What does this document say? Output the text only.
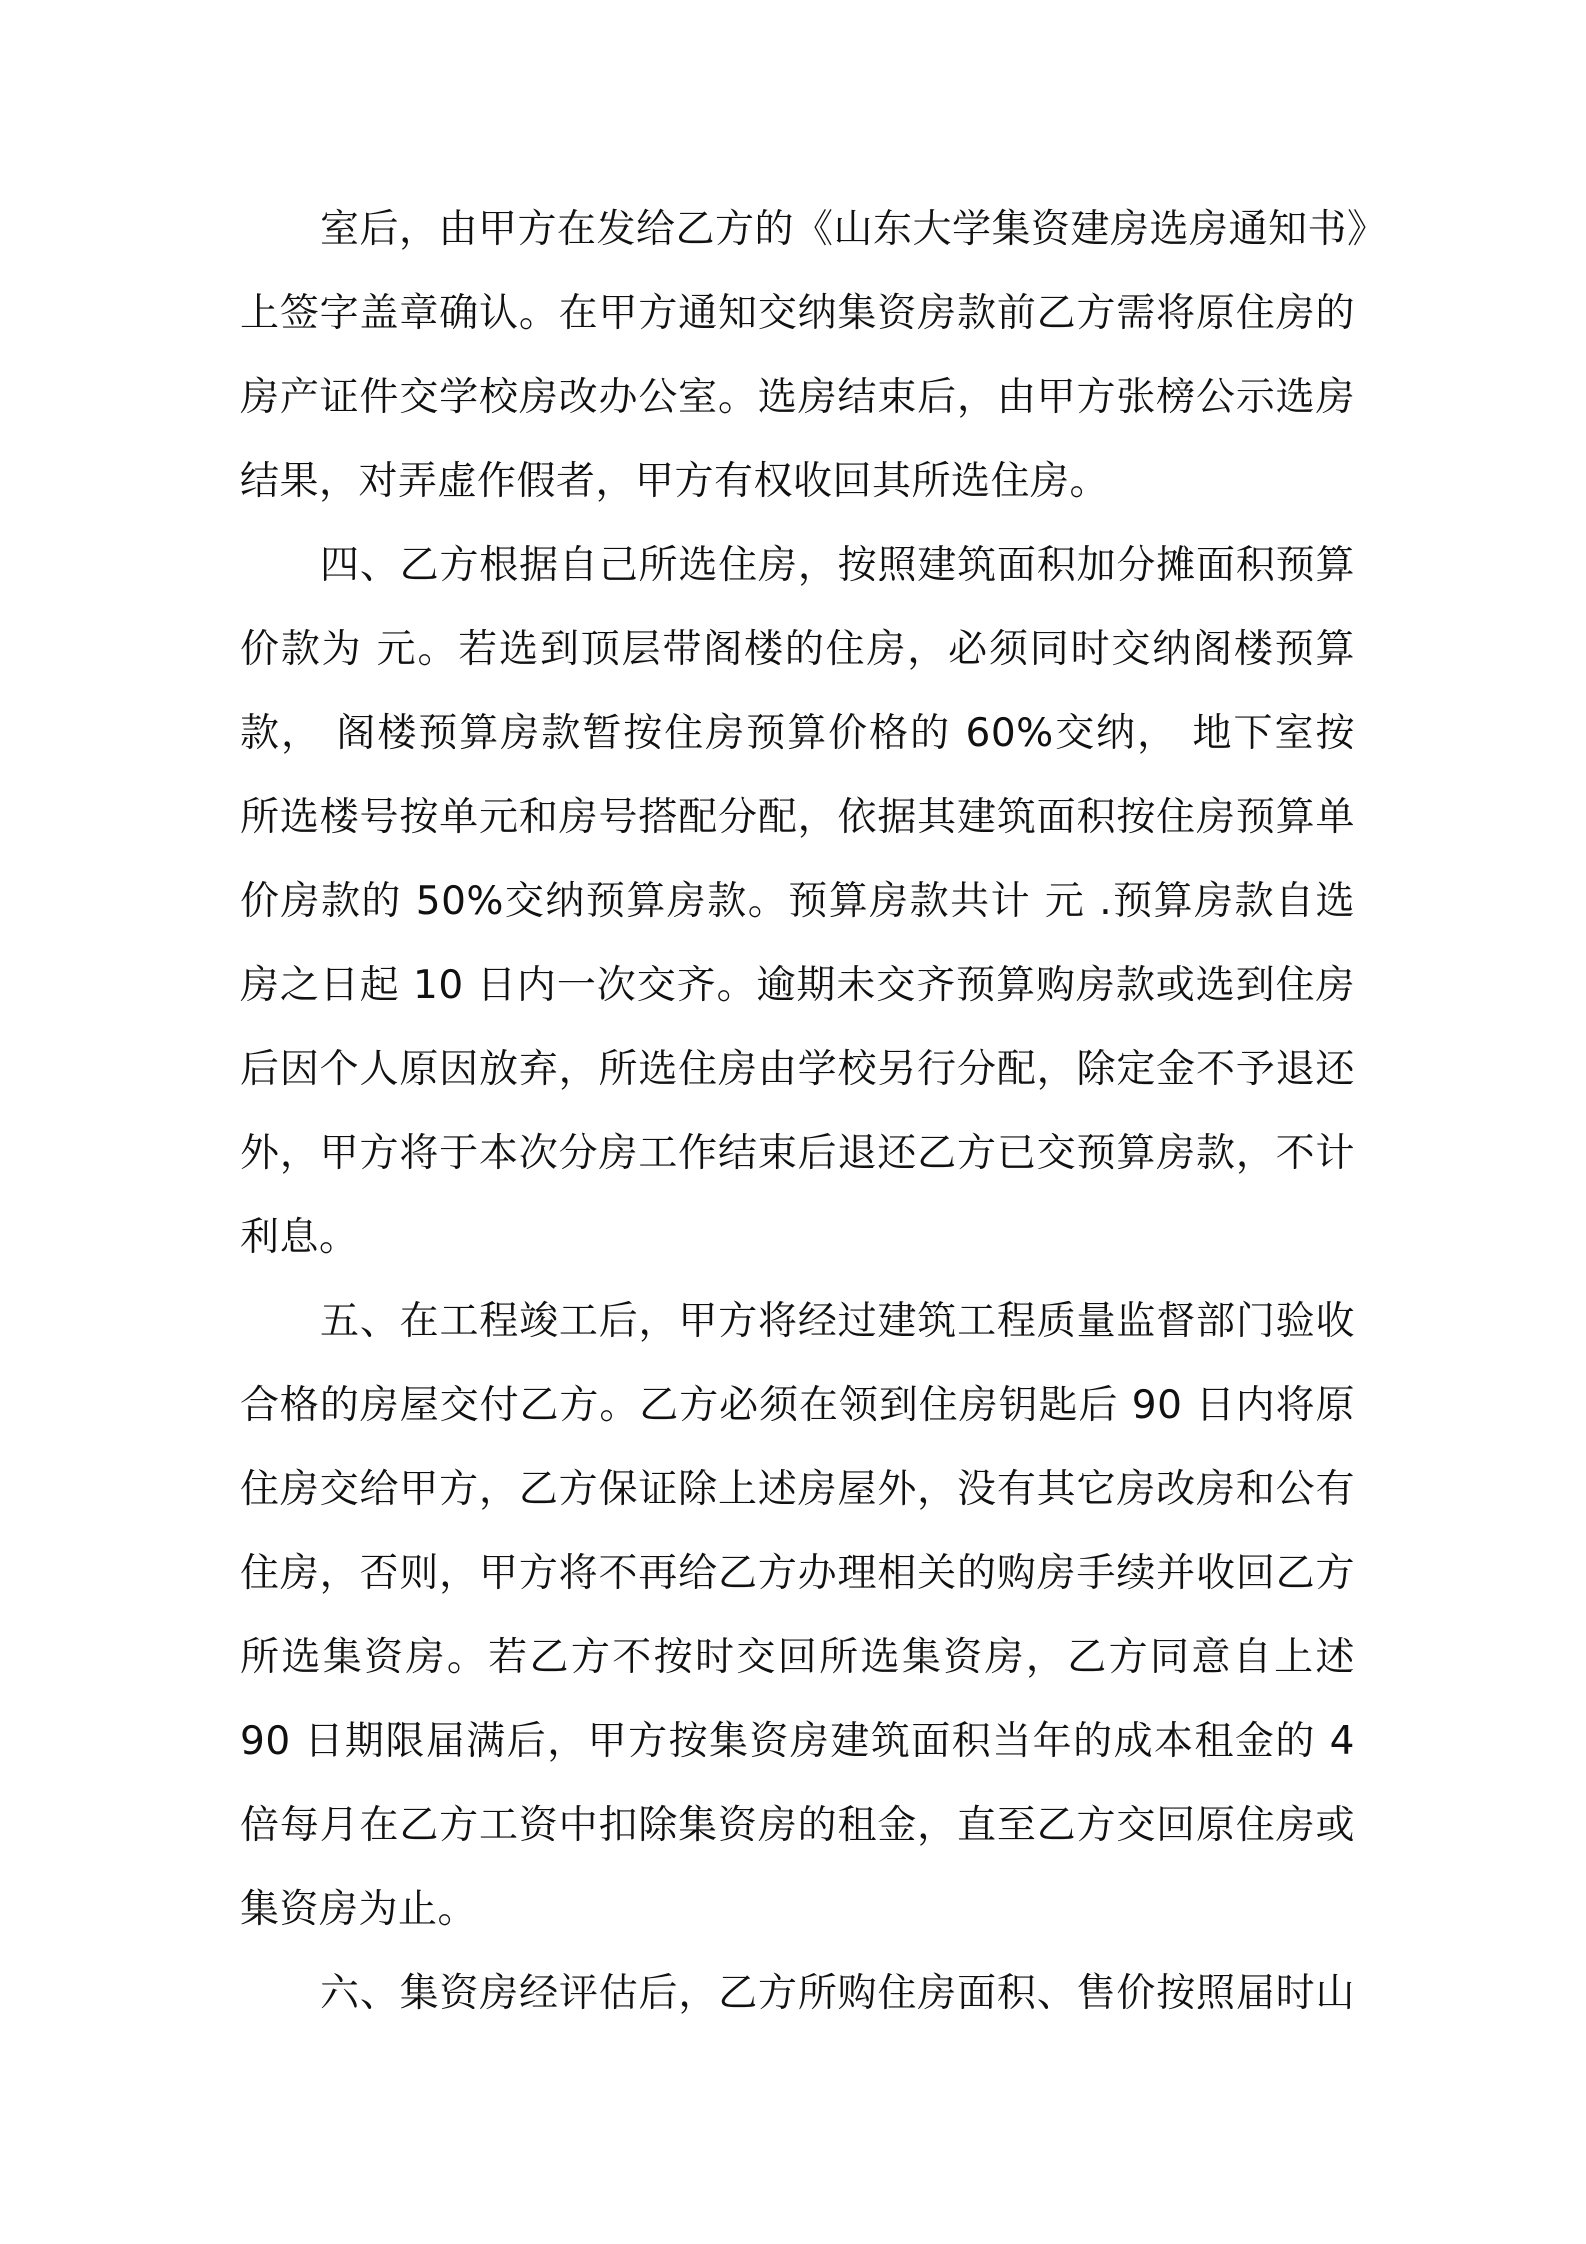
室后，由甲方在发给乙方的《山东大学集资建房选房通知书》
上签字盖章确认。在甲方通知交纳集资房款前乙方需将原住房的
房产证件交学校房改办公室。选房结束后，由甲方张榜公示选房
结果，对弄虚作假者，甲方有权收回其所选住房。
四、乙方根据自己所选住房，按照建筑面积加分摊面积预算
价款为 元。若选到顶层带阁楼的住房，必须同时交纳阁楼预算
款， 阁楼预算房款暂按住房预算价格的 60%交纳， 地下室按
所选楼号按单元和房号搭配分配，依据其建筑面积按住房预算单
价房款的 50%交纳预算房款。预算房款共计 元 .预算房款自选
房之日起 10 日内一次交齐。逾期未交齐预算购房款或选到住房
后因个人原因放弃，所选住房由学校另行分配，除定金不予退还
外，甲方将于本次分房工作结束后退还乙方已交预算房款，不计
利息。
五、在工程竣工后，甲方将经过建筑工程质量监督部门验收
合格的房屋交付乙方。乙方必须在领到住房钥匙后 90 日内将原
住房交给甲方，乙方保证除上述房屋外，没有其它房改房和公有
住房，否则，甲方将不再给乙方办理相关的购房手续并收回乙方
所选集资房。若乙方不按时交回所选集资房，乙方同意自上述
90 日期限届满后，甲方按集资房建筑面积当年的成本租金的 4
倍每月在乙方工资中扣除集资房的租金，直至乙方交回原住房或
集资房为止。
六、集资房经评估后，乙方所购住房面积、售价按照届时山
